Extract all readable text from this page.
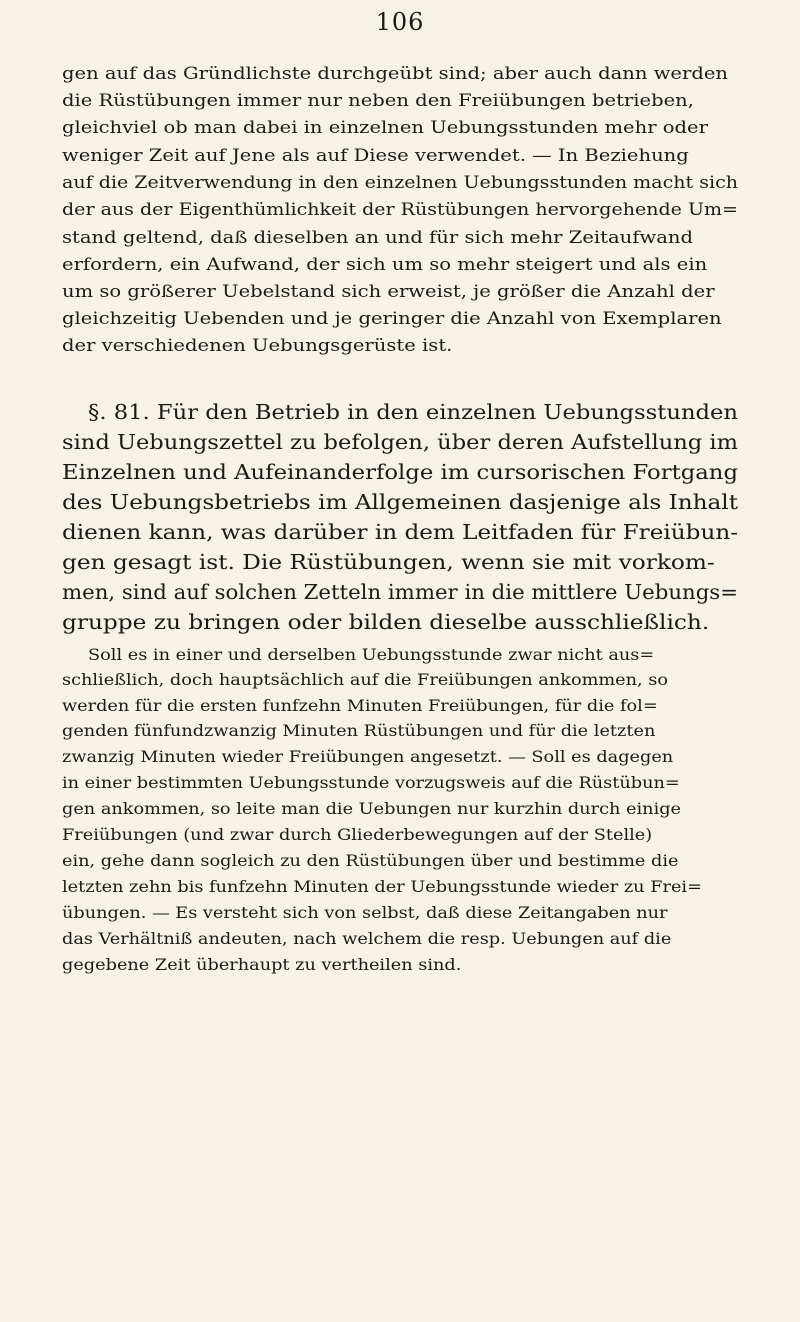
106
gen auf das Gründlichste durchgeübt sind; aber auch dann werden
die Rüstübungen immer nur neben den Freiübungen betrieben,
gleichviel ob man dabei in einzelnen Uebungsstunden mehr oder
weniger Zeit auf Jene als auf Diese verwendet. — In Beziehung
auf die Zeitverwendung in den einzelnen Uebungsstunden macht sich
der aus der Eigenthümlichkeit der Rüstübungen hervorgehende Um=
stand geltend, daß dieselben an und für sich mehr Zeitaufwand
erfordern, ein Aufwand, der sich um so mehr steigert und als ein
um so größerer Uebelstand sich erweist, je größer die Anzahl der
gleichzeitig Uebenden und je geringer die Anzahl von Exemplaren
der verschiedenen Uebungsgerüste ist.
§. 81. Für den Betrieb in den einzelnen Uebungsstunden
sind Uebungszettel zu befolgen, über deren Aufstellung im
Einzelnen und Aufeinanderfolge im cursorischen Fortgang
des Uebungsbetriebs im Allgemeinen dasjenige als Inhalt
dienen kann, was darüber in dem Leitfaden für Freiübun-
gen gesagt ist. Die Rüstübungen, wenn sie mit vorkom-
men, sind auf solchen Zetteln immer in die mittlere Uebungs=
gruppe zu bringen oder bilden dieselbe ausschließlich.
Soll es in einer und derselben Uebungsstunde zwar nicht aus=
schließlich, doch hauptsächlich auf die Freiübungen ankommen, so
werden für die ersten funfzehn Minuten Freiübungen, für die fol=
genden fünfundzwanzig Minuten Rüstübungen und für die letzten
zwanzig Minuten wieder Freiübungen angesetzt. — Soll es dagegen
in einer bestimmten Uebungsstunde vorzugsweis auf die Rüstübun=
gen ankommen, so leite man die Uebungen nur kurzhin durch einige
Freiübungen (und zwar durch Gliederbewegungen auf der Stelle)
ein, gehe dann sogleich zu den Rüstübungen über und bestimme die
letzten zehn bis funfzehn Minuten der Uebungsstunde wieder zu Frei=
übungen. — Es versteht sich von selbst, daß diese Zeitangaben nur
das Verhältniß andeuten, nach welchem die resp. Uebungen auf die
gegebene Zeit überhaupt zu vertheilen sind.
